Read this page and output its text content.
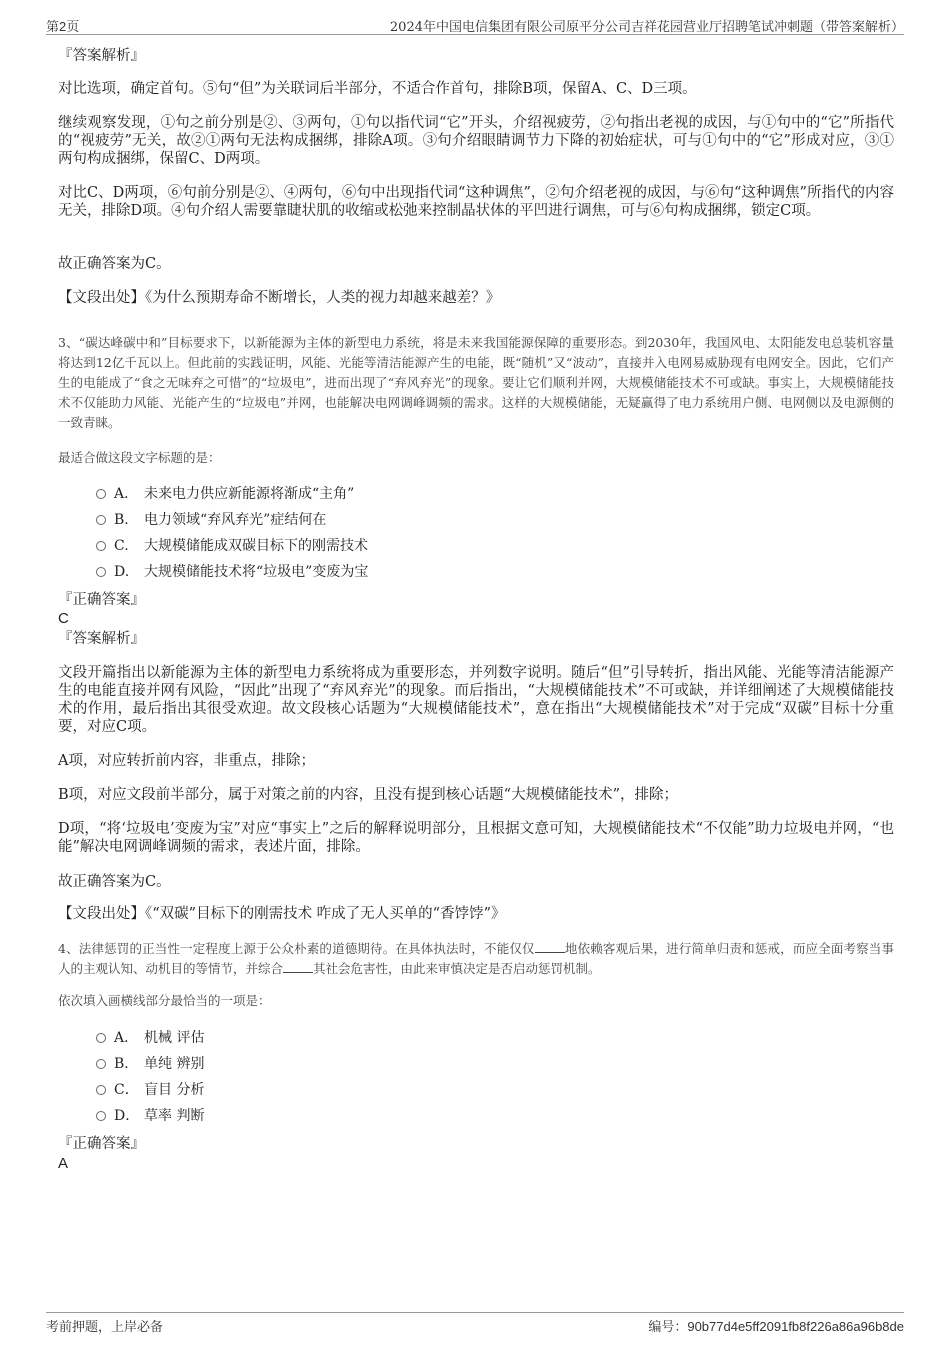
第2页	2024年中国电信集团有限公司原平分公司吉祥花园营业厅招聘笔试冲刺题（带答案解析）
『答案解析』
对比选项，确定首句。⑤句“但”为关联词后半部分，不适合作首句，排除B项，保留A、C、D三项。
继续观察发现，①句之前分别是②、③两句，①句以指代词“它”开头，介绍视疲劳，②句指出老视的成因，与①句中的“它”所指代的“视疲劳”无关，故②①两句无法构成捆绑，排除A项。③句介绍眼睛调节力下降的初始症状，可与①句中的“它”形成对应，③①两句构成捆绑，保留C、D两项。
对比C、D两项，⑥句前分别是②、④两句，⑥句中出现指代词“这种调焦”，②句介绍老视的成因，与⑥句“这种调焦”所指代的内容无关，排除D项。④句介绍人需要靠睫状肌的收缩或松弛来控制晶状体的平凹进行调焦，可与⑥句构成捆绑，锁定C项。
故正确答案为C。
【文段出处】《为什么预期寿命不断增长，人类的视力却越来越差？》
3、“碳达峰碳中和”目标要求下，以新能源为主体的新型电力系统，将是未来我国能源保障的重要形态。到2030年，我国风电、太阳能发电总装机容量将达到12亿千瓦以上。但此前的实践证明，风能、光能等清洁能源产生的电能，既“随机”又“波动”，直接并入电网易威胁现有电网安全。因此，它们产生的电能成了“食之无味弃之可惜”的“垃圾电”，进而出现了“弃风弃光”的现象。要让它们顺利并网，大规模储能技术不可或缺。事实上，大规模储能技术不仅能助力风能、光能产生的“垃圾电”并网，也能解决电网调峰调频的需求。这样的大规模储能，无疑赢得了电力系统用户侧、电网侧以及电源侧的一致青睐。
最适合做这段文字标题的是：
A． 未来电力供应新能源将渐成“主角”
B. 电力领域“弃风弃光”症结何在
C. 大规模储能成双碳目标下的刚需技术
D. 大规模储能技术将“垃圾电”变废为宝
『正确答案』
C
『答案解析』
文段开篇指出以新能源为主体的新型电力系统将成为重要形态，并列数字说明。随后“但”引导转折，指出风能、光能等清洁能源产生的电能直接并网有风险，“因此”出现了“弃风弃光”的现象。而后指出，“大规模储能技术”不可或缺，并详细阐述了大规模储能技术的作用，最后指出其很受欢迎。故文段核心话题为“大规模储能技术”，意在指出“大规模储能技术”对于完成“双碳”目标十分重要，对应C项。
A项，对应转折前内容，非重点，排除；
B项，对应文段前半部分，属于对策之前的内容，且没有提到核心话题“大规模储能技术”，排除；
D项，“将‘垃圾电’变废为宝”对应“事实上”之后的解释说明部分，且根据文意可知，大规模储能技术“不仅能”助力垃圾电并网，“也能”解决电网调峰调频的需求，表述片面，排除。
故正确答案为C。
【文段出处】《“双碳”目标下的刚需技术 咋成了无人买单的“香饽饽”》
4、法律惩罚的正当性一定程度上源于公众朴素的道德期待。在具体执法时，不能仅仅 地依赖客观后果，进行简单归责和惩戒，而应全面考察当事人的主观认知、动机目的等情节，并综合 其社会危害性，由此来审慎决定是否启动惩罚机制。
依次填入画横线部分最恰当的一项是：
A． 机械 评估
B． 单纯 辨别
C． 盲目 分析
D． 草率 判断
『正确答案』
A
考前押题，上岸必备	编号：90b77d4e5ff2091fb8f226a86a96b8de
